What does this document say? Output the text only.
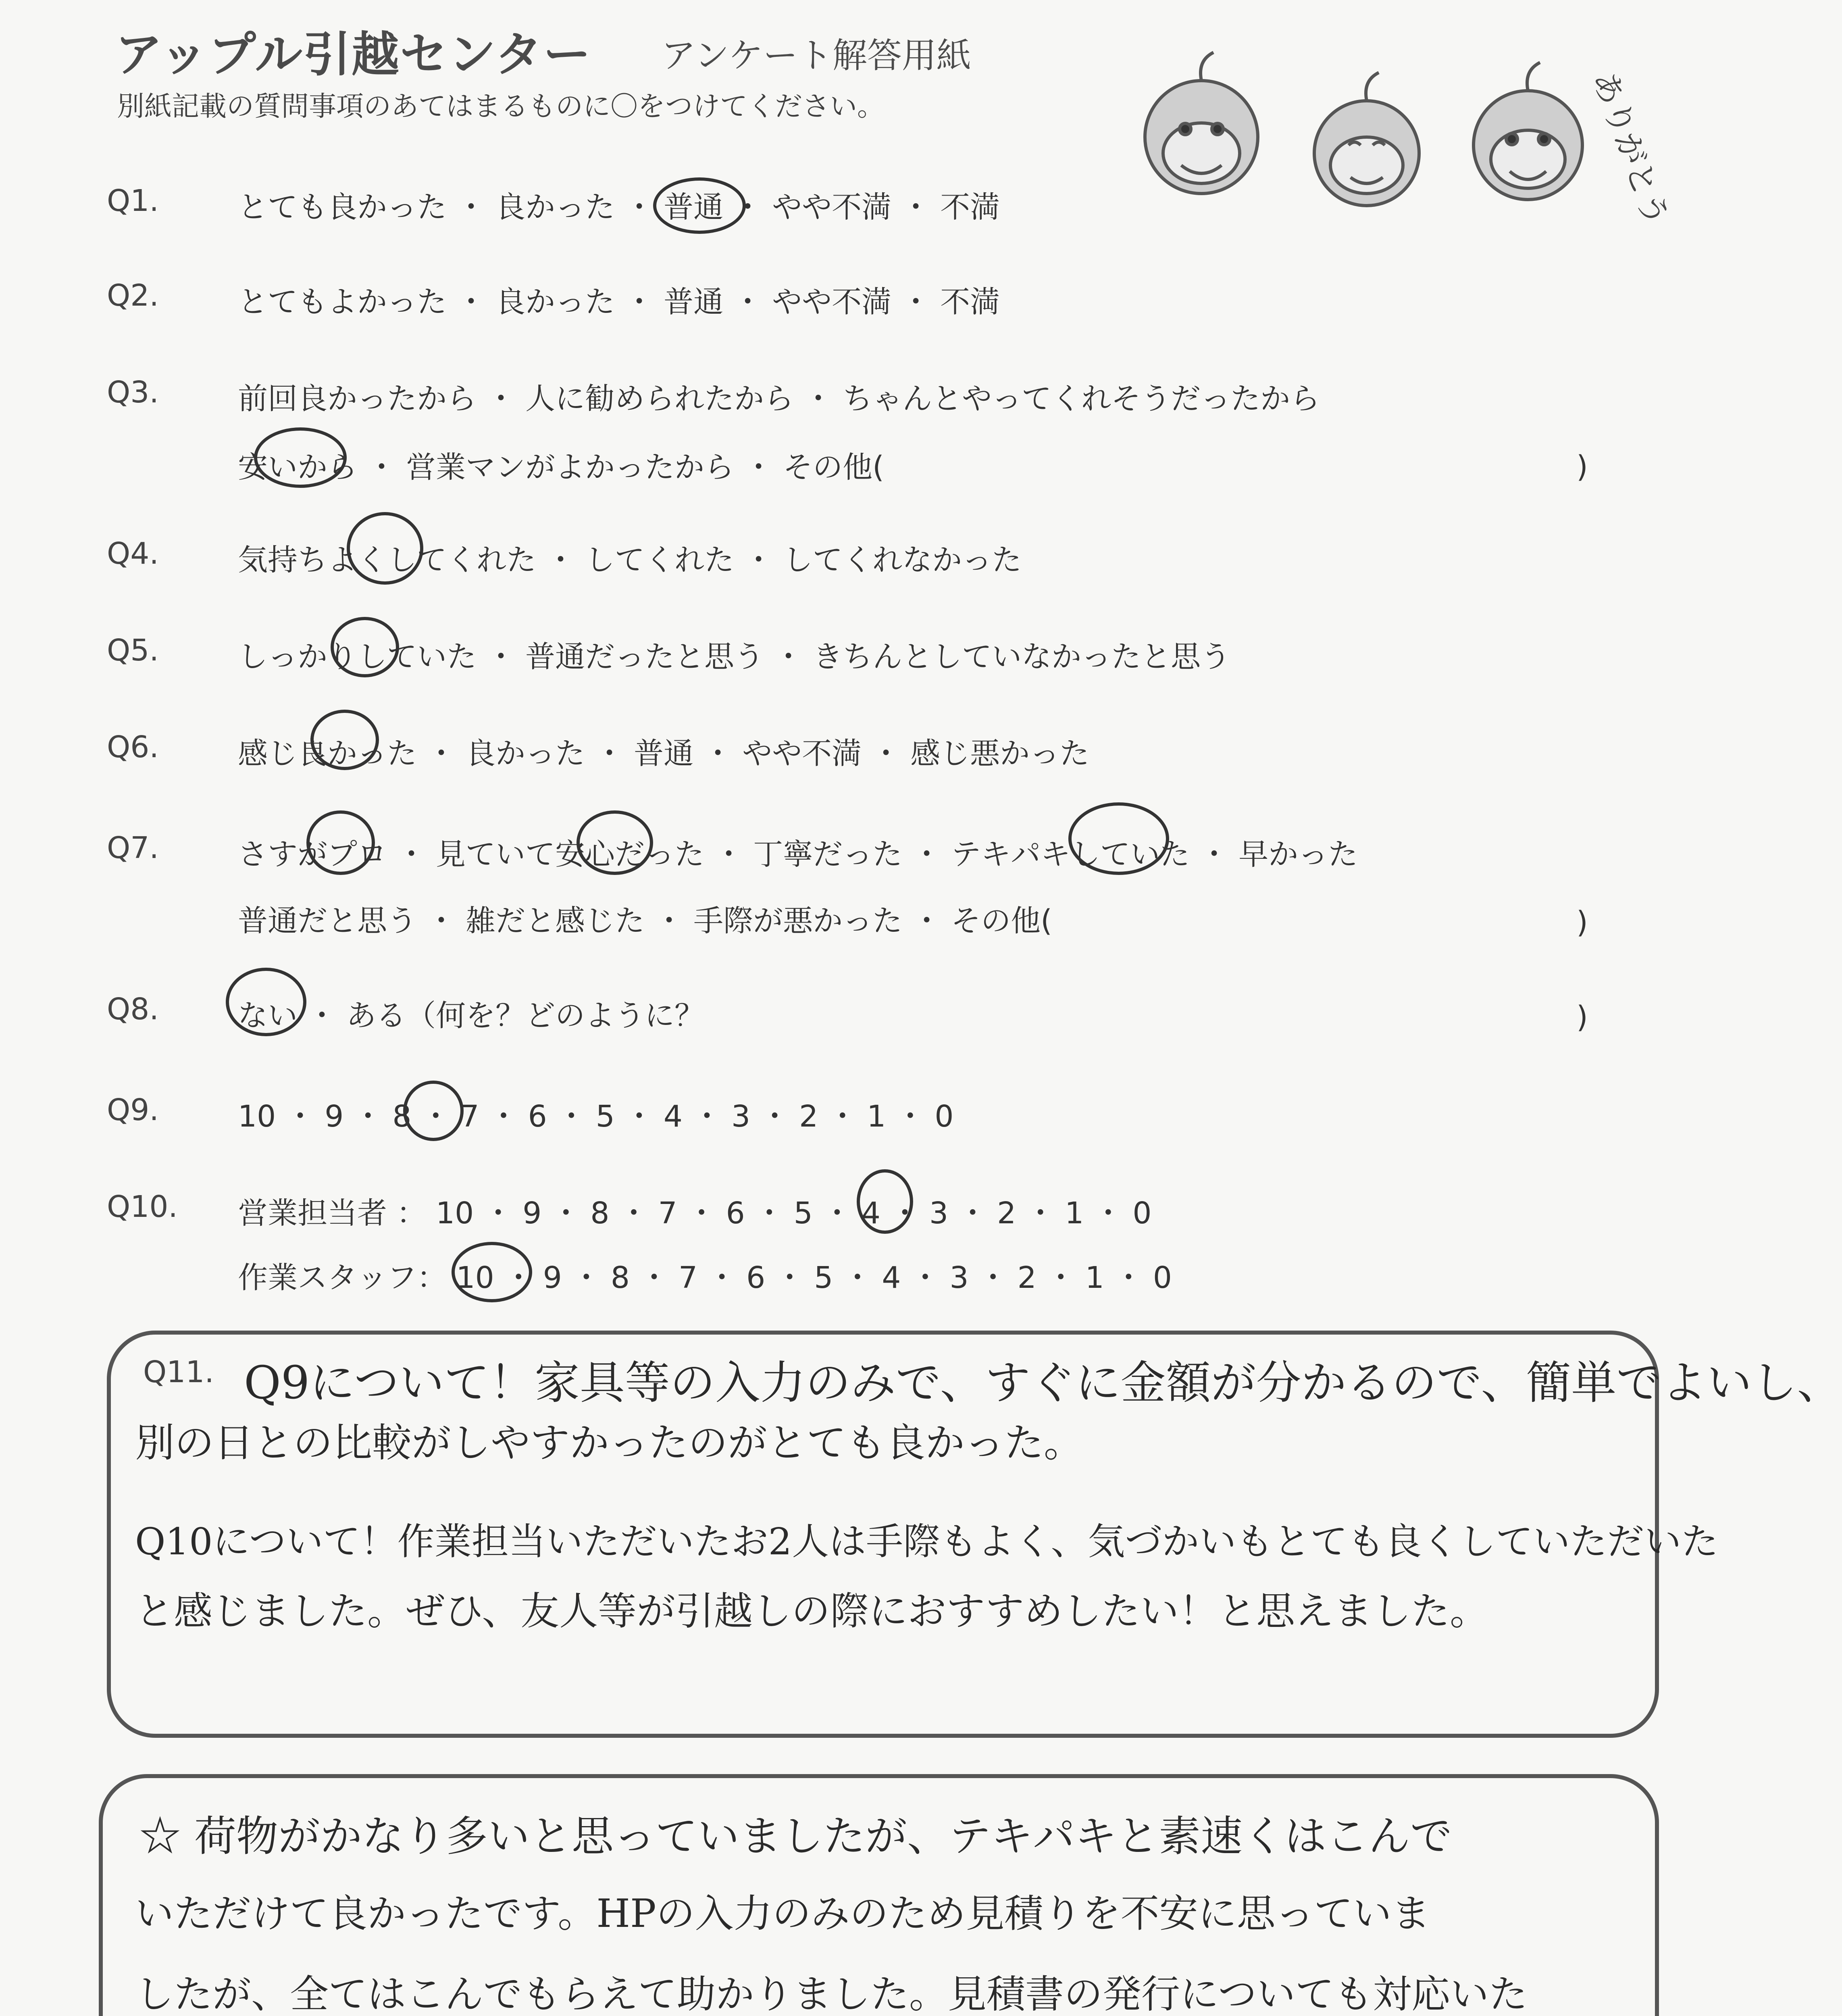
アップル引越センター アンケート解答用紙
別紙記載の質問事項のあてはまるものに〇をつけてください。	ありがとう
Q1.	とても良かった ・ 良かった ・ 普通 ・ やや不満 ・ 不満
Q2.	とてもよかった ・ 良かった ・ 普通 ・ やや不満 ・ 不満
Q3.	前回良かったから ・ 人に勧められたから ・ ちゃんとやってくれそうだったから
安いから ・ 営業マンがよかったから ・ その他(	)
Q4.	気持ちよくしてくれた ・ してくれた ・ してくれなかった
Q5.	しっかりしていた ・ 普通だったと思う ・ きちんとしていなかったと思う
Q6.	感じ良かった ・ 良かった ・ 普通 ・ やや不満 ・ 感じ悪かった
Q7.	さすがプロ ・ 見ていて安心だった ・ 丁寧だった ・ テキパキしていた ・ 早かった
普通だと思う ・ 雑だと感じた ・ 手際が悪かった ・ その他(	)
Q8.	ない ・ ある（何を？どのように？	)
Q9.	10 ・ 9 ・ 8 ・ 7 ・ 6 ・ 5 ・ 4 ・ 3 ・ 2 ・ 1 ・ 0
Q10. 営業担当者 ： 10 ・ 9 ・ 8 ・ 7 ・ 6 ・ 5 ・ 4 ・ 3 ・ 2 ・ 1 ・ 0
作業スタッフ： 10 ・ 9 ・ 8 ・ 7 ・ 6 ・ 5 ・ 4 ・ 3 ・ 2 ・ 1 ・ 0
Q11. Q9について！家具等の入力のみで、すぐに金額が分かるので、簡単でよいし、
別の日との比較がしやすかったのがとても良かった。
Q10について！作業担当いただいたお2人は手際もよく、気づかいもとても良くしていただいた
と感じました。ぜひ、友人等が引越しの際におすすめしたい！と思えました。
☆ 荷物がかなり多いと思っていましたが、テキパキと素速くはこんで
いただけて良かったです。HPの入力のみのため見積りを不安に思っていま
したが、全てはこんでもらえて助かりました。見積書の発行についても対応いた
